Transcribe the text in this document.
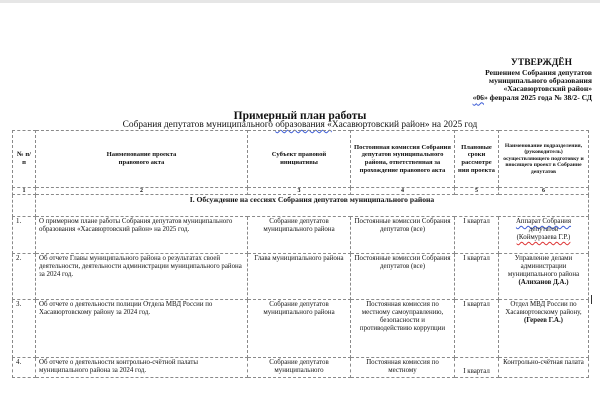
УТВЕРЖДЁН
Решением Собрания депутатов
муниципального образования
«Хасавюртовский район»
«06» февраля 2025 года № 38/2- СД
Примерный план работы
Собрания депутатов муниципального образования «Хасавюртовский район» на 2025 год
№ п/п	Наименование проекта правового акта	Субъект правовой инициативы	Постоянная комиссия Собрания депутатов муниципального района, ответственная за прохождение правового акта	Плановые сроки рассмотре ния проекта	Наименование подразделения, (руководитель) осуществляющего подготовку и вносящего проект в Собрание депутатов
1	2	3	4	5	6
	I. Обсуждение на сессиях Собрания депутатов муниципального района				
1.	О примерном плане работы Собрания депутатов муниципального образования «Хасавюртовский район» на 2025 год.	Собрание депутатов муниципального района	Постоянные комиссии Собрания депутатов (все)	I квартал	Аппарат Собрания
депутатов
(Коймурзаева Г.Р.)

2.	Об отчете Главы муниципального района о результатах своей деятельности, деятельности администрации муниципального района за 2024 год.	Глава муниципального района	Постоянные комиссии Собрания депутатов (все)	I квартал	Управление делами администрации муниципального района
(Алиханов Д.А.)

3.	Об отчете о деятельности полиции Отдела МВД России по Хасавюртовскому району за 2024 год.	Собрание депутатов муниципального района	Постоянная комиссия по местному самоуправлению, безопасности и противодействию коррупции	I квартал	Отдел МВД России по Хасавюртовскому району,
(Гереев Г.А.)

4.	Об отчете о деятельности контрольно-счётной палаты муниципального района за 2024 год.	Собрание депутатов муниципального	Постоянная комиссия по местному	I квартал	Контрольно-счётная палата
